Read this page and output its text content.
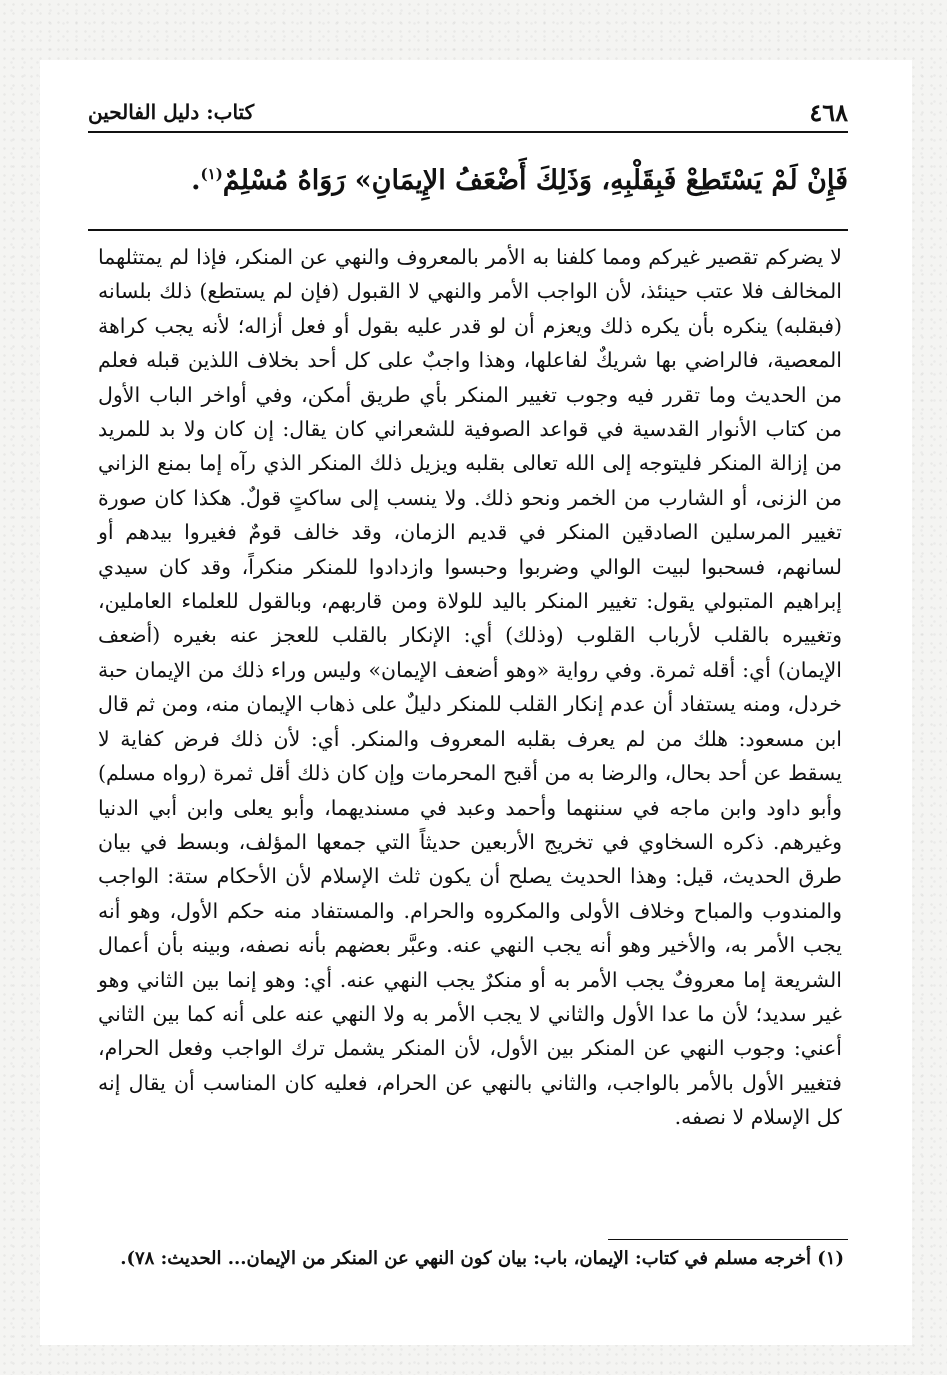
٤٦٨
كتاب: دليل الفالحين
فَإِنْ لَمْ يَسْتَطِعْ فَبِقَلْبِهِ، وَذَلِكَ أَضْعَفُ الإِيمَانِ» رَوَاهُ مُسْلِمٌ$^{(١)}$.

لا يضركم تقصير غيركم ومما كلفنا به الأمر بالمعروف والنهي عن المنكر، فإذا لم يمتثلهما المخالف فلا عتب حينئذ، لأن الواجب الأمر والنهي لا القبول (فإن لم يستطع) ذلك بلسانه (فبقلبه) ينكره بأن يكره ذلك ويعزم أن لو قدر عليه بقول أو فعل أزاله؛ لأنه يجب كراهة المعصية، فالراضي بها شريكٌ لفاعلها، وهذا واجبٌ على كل أحد بخلاف اللذين قبله فعلم من الحديث وما تقرر فيه وجوب تغيير المنكر بأي طريق أمكن، وفي أواخر الباب الأول من كتاب الأنوار القدسية في قواعد الصوفية للشعراني كان يقال: إن كان ولا بد للمريد من إزالة المنكر فليتوجه إلى الله تعالى بقلبه ويزيل ذلك المنكر الذي رآه إما بمنع الزاني من الزنى، أو الشارب من الخمر ونحو ذلك. ولا ينسب إلى ساكتٍ قولٌ. هكذا كان صورة تغيير المرسلين الصادقين المنكر في قديم الزمان، وقد خالف قومٌ فغيروا بيدهم أو لسانهم، فسحبوا لبيت الوالي وضربوا وحبسوا وازدادوا للمنكر منكراً، وقد كان سيدي إبراهيم المتبولي يقول: تغيير المنكر باليد للولاة ومن قاربهم، وبالقول للعلماء العاملين، وتغييره بالقلب لأرباب القلوب (وذلك) أي: الإنكار بالقلب للعجز عنه بغيره (أضعف الإيمان) أي: أقله ثمرة. وفي رواية «وهو أضعف الإيمان» وليس وراء ذلك من الإيمان حبة خردل، ومنه يستفاد أن عدم إنكار القلب للمنكر دليلٌ على ذهاب الإيمان منه، ومن ثم قال ابن مسعود: هلك من لم يعرف بقلبه المعروف والمنكر. أي: لأن ذلك فرض كفاية لا يسقط عن أحد بحال، والرضا به من أقبح المحرمات وإن كان ذلك أقل ثمرة (رواه مسلم) وأبو داود وابن ماجه في سننهما وأحمد وعبد في مسنديهما، وأبو يعلى وابن أبي الدنيا وغيرهم. ذكره السخاوي في تخريج الأربعين حديثاً التي جمعها المؤلف، وبسط في بيان طرق الحديث، قيل: وهذا الحديث يصلح أن يكون ثلث الإسلام لأن الأحكام ستة: الواجب والمندوب والمباح وخلاف الأولى والمكروه والحرام. والمستفاد منه حكم الأول، وهو أنه يجب الأمر به، والأخير وهو أنه يجب النهي عنه. وعبَّر بعضهم بأنه نصفه، وبينه بأن أعمال الشريعة إما معروفٌ يجب الأمر به أو منكرٌ يجب النهي عنه. أي: وهو إنما بين الثاني وهو غير سديد؛ لأن ما عدا الأول والثاني لا يجب الأمر به ولا النهي عنه على أنه كما بين الثاني أعني: وجوب النهي عن المنكر بين الأول، لأن المنكر يشمل ترك الواجب وفعل الحرام، فتغيير الأول بالأمر بالواجب، والثاني بالنهي عن الحرام، فعليه كان المناسب أن يقال إنه كل الإسلام لا نصفه.

(١) أخرجه مسلم في كتاب: الإيمان، باب: بيان كون النهي عن المنكر من الإيمان... الحديث: ٧٨).
